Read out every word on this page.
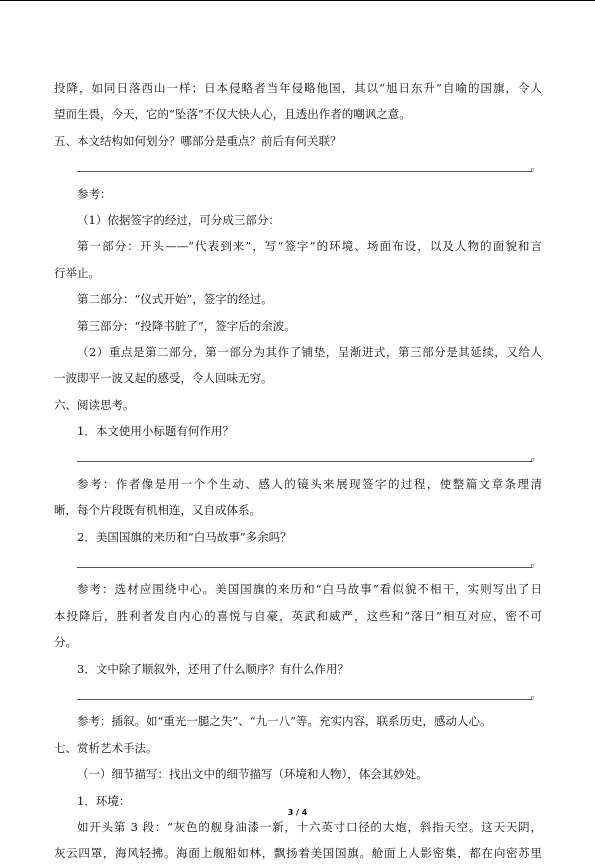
投降，如同日落西山一样；日本侵略者当年侵略他国，其以“旭日东升”自喻的国旗，令人
望而生畏，今天，它的“坠落”不仅大快人心，且透出作者的嘲讽之意。
五、本文结构如何划分？哪部分是重点？前后有何关联？
。
参考：
（1）依据签字的经过，可分成三部分：
第一部分：开头——“代表到来”，写“签字”的环境、场面布设，以及人物的面貌和言
行举止。
第二部分：“仪式开始”，签字的经过。
第三部分：“投降书脏了”，签字后的余波。
（2）重点是第二部分，第一部分为其作了铺垫，呈渐进式，第三部分是其延续，又给人
一波即平一波又起的感受，令人回味无穷。
六、阅读思考。
1．本文使用小标题有何作用？
。
参考：作者像是用一个个生动、感人的镜头来展现签字的过程，使整篇文章条理清
晰，每个片段既有机相连，又自成体系。
2．美国国旗的来历和“白马故事”多余吗？
。
参考：选材应围绕中心。美国国旗的来历和“白马故事”看似貌不相干，实则写出了日
本投降后，胜利者发自内心的喜悦与自豪，英武和威严，这些和“落日”相互对应，密不可
分。
3．文中除了顺叙外，还用了什么顺序？有什么作用？
。
参考：插叙。如“重光一腿之失”、“九一八”等。充实内容，联系历史，感动人心。
七、赏析艺术手法。
（一）细节描写：找出文中的细节描写（环境和人物），体会其妙处。
1．环境：
如开头第 3 段：“灰色的舰身油漆一新，十六英寸口径的大炮，斜指天空。这天天阴，
灰云四罩，海风轻拂。海面上舰船如林，飘扬着美国国旗。舱面上人影密集，都在向密苏里
3 / 4
